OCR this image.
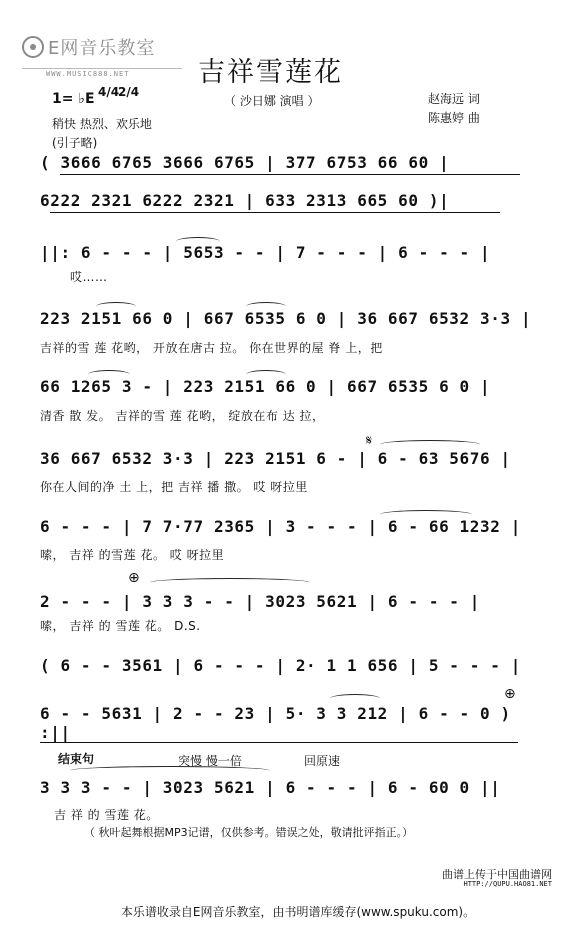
E网音乐教室
WWW.MUSIC888.NET	吉祥雪莲花
1= ♭E 4/4
2/4
（ 沙日娜 演唱 ）	赵海远 词
陈惠婷 曲
稍快 热烈、欢乐地
(引子略)
( 3666 6765 3666 6765 | 377 6753 66 60 |
6222 2321 6222 2321 | 633 2313 665 60 )|
||: 6 - - - | 5653 - - | 7 - - - | 6 - - - |
哎……
223 2151 66 0 | 667 6535 6 0 | 36 667 6532 3·3 |
吉祥的雪 莲 花哟， 开放在唐古 拉。 你在世界的屋 脊 上，把
66 1265 3 - | 223 2151 66 0 | 667 6535 6 0 |
清香 散 发。 吉祥的雪 莲 花哟， 绽放在布 达 拉，
36 667 6532 3·3 | 223 2151 6 - | 6 - 63 5676 |
𝄋
你在人间的净 土 上，把 吉祥 播 撒。 哎 呀拉里
6 - - - | 7 7·77 2365 | 3 - - - | 6 - 66 1232 |
嗦， 吉祥 的雪莲 花。 哎 呀拉里
⊕
2 - - - | 3 3 3 - - | 3023 5621 | 6 - - - |
嗦， 吉祥 的 雪莲 花。 D.S.
( 6 - - 3561 | 6 - - - | 2· 1 1 656 | 5 - - - |
6 - - 5631 | 2 - - 23 | 5· 3 3 212 | 6 - - 0 ) :||
⊕
结束句	突慢 慢一倍	回原速
3 3 3 - - | 3023 5621 | 6 - - - | 6 - 60 0 ||
吉 祥 的 雪莲 花。
（ 秋叶起舞根据MP3记谱，仅供参考。错误之处，敬请批评指正。）
曲谱上传于中国曲谱网
HTTP://QUPU.HAO81.NET
本乐谱收录自E网音乐教室，由书明谱库缓存(www.spuku.com)。
